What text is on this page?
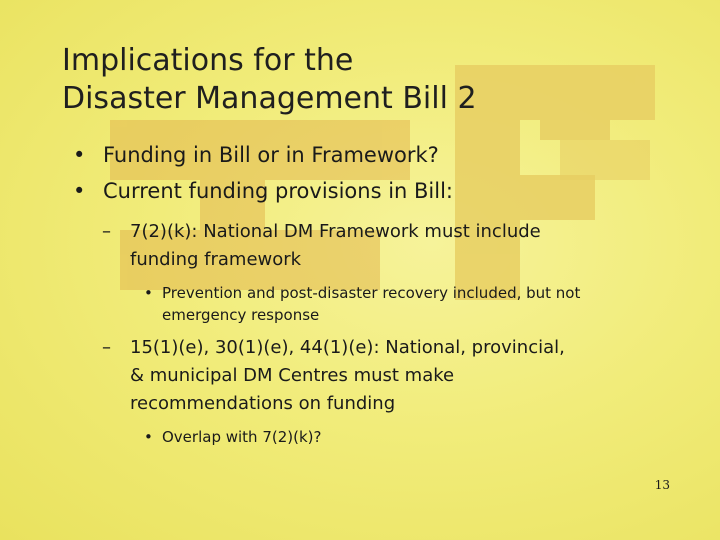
Implications for the
Disaster Management Bill 2
• Funding in Bill or in Framework?
• Current funding provisions in Bill:
– 7(2)(k): National DM Framework must include
funding framework
• Prevention and post-disaster recovery included, but not
emergency response
– 15(1)(e), 30(1)(e), 44(1)(e): National, provincial,
& municipal DM Centres must make
recommendations on funding
• Overlap with 7(2)(k)?
13
